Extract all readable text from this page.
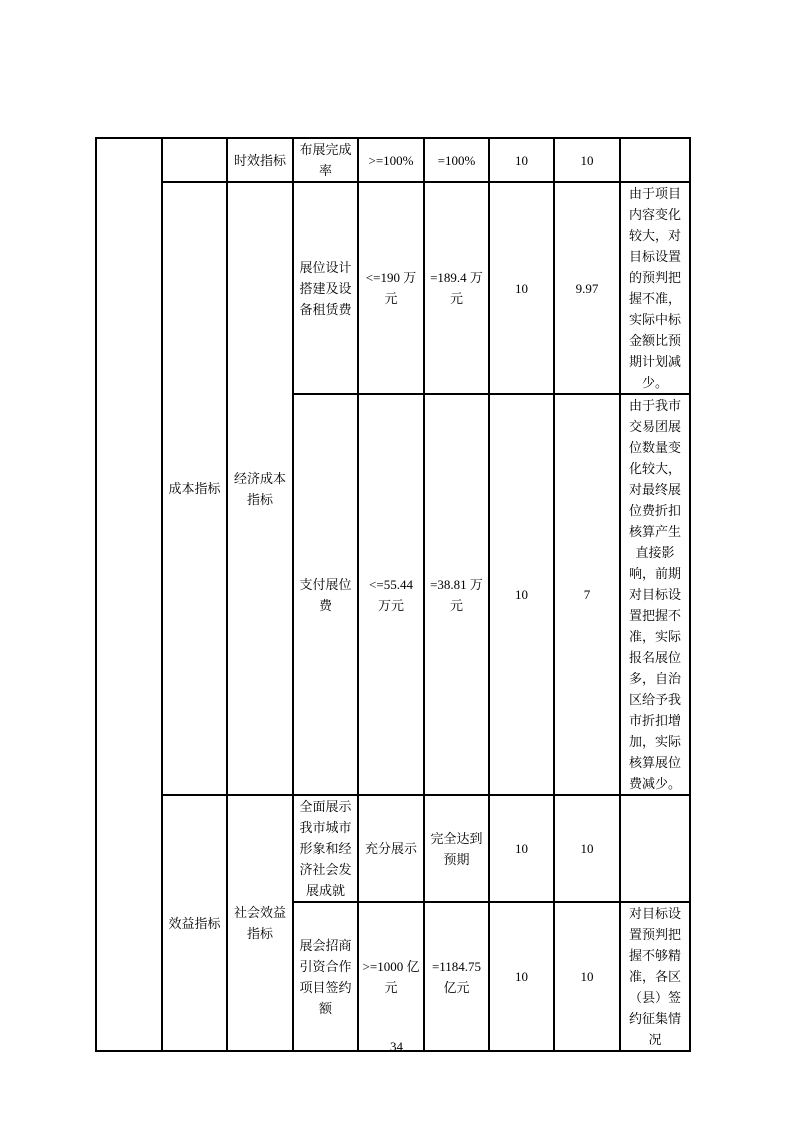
		时效指标	布展完成率	>=100%	=100%	10	10	
	成本指标	经济成本指标	展位设计搭建及设备租赁费	<=190 万元	=189.4 万元	10	9.97	由于项目内容变化较大，对目标设置的预判把握不准，实际中标金额比预期计划减少。
			支付展位费	<=55.44 万元	=38.81 万元	10	7	由于我市交易团展位数量变化较大，对最终展位费折扣核算产生直接影响，前期对目标设置把握不准，实际报名展位多，自治区给予我市折扣增加，实际核算展位费减少。
	效益指标	社会效益指标	全面展示我市城市形象和经济社会发展成就	充分展示	完全达到预期	10	10	
			展会招商引资合作项目签约额	>=1000 亿元	=1184.75 亿元	10	10	对目标设置预判把握不够精准，各区（县）签约征集情况
34
